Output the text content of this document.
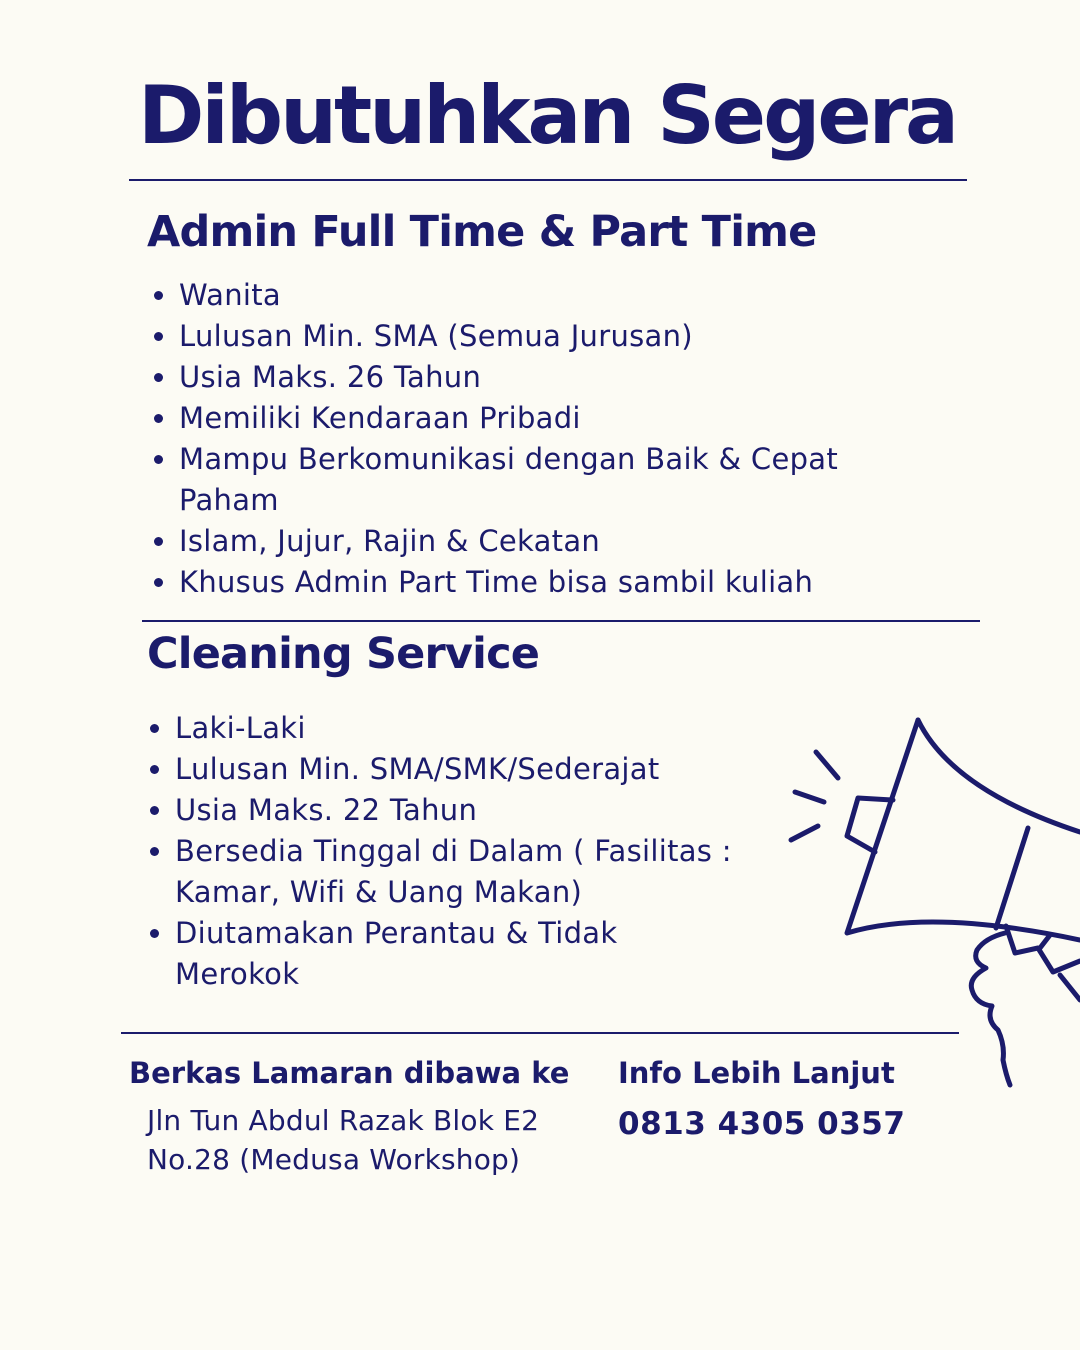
Dibutuhkan Segera
Admin Full Time & Part Time
Wanita
Lulusan Min. SMA (Semua Jurusan)
Usia Maks. 26 Tahun
Memiliki Kendaraan Pribadi
Mampu Berkomunikasi dengan Baik & Cepat Paham
Islam, Jujur, Rajin & Cekatan
Khusus Admin Part Time bisa sambil kuliah
Cleaning Service
Laki-Laki
Lulusan Min. SMA/SMK/Sederajat
Usia Maks. 22 Tahun
Bersedia Tinggal di Dalam ( Fasilitas : Kamar, Wifi & Uang Makan)
Diutamakan Perantau & Tidak Merokok
Berkas Lamaran dibawa ke
Jln Tun Abdul Razak Blok E2
No.28 (Medusa Workshop)
Info Lebih Lanjut
0813 4305 0357
